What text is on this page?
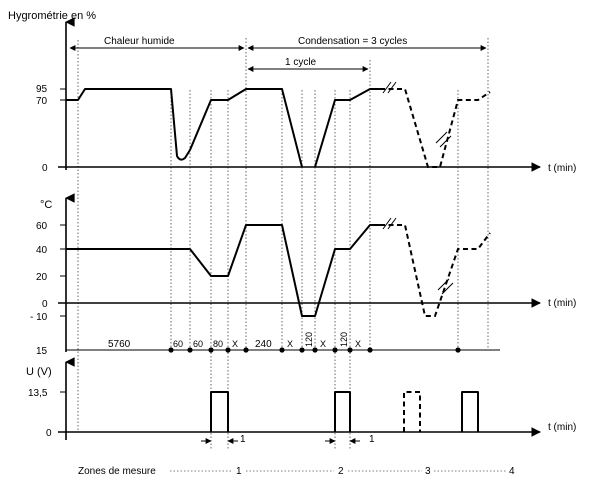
Hygrométrie en %
t (min)
95
70
0
Chaleur humide	Condensation = 3 cycles
1 cycle
°C
t (min)
60
40
20
0
- 10
15
5760	60 60 80 X 240 X 120 X 120 X
U (V)
t (min)
13,5
0
1	1
Zones de mesure	1	2	3	4
